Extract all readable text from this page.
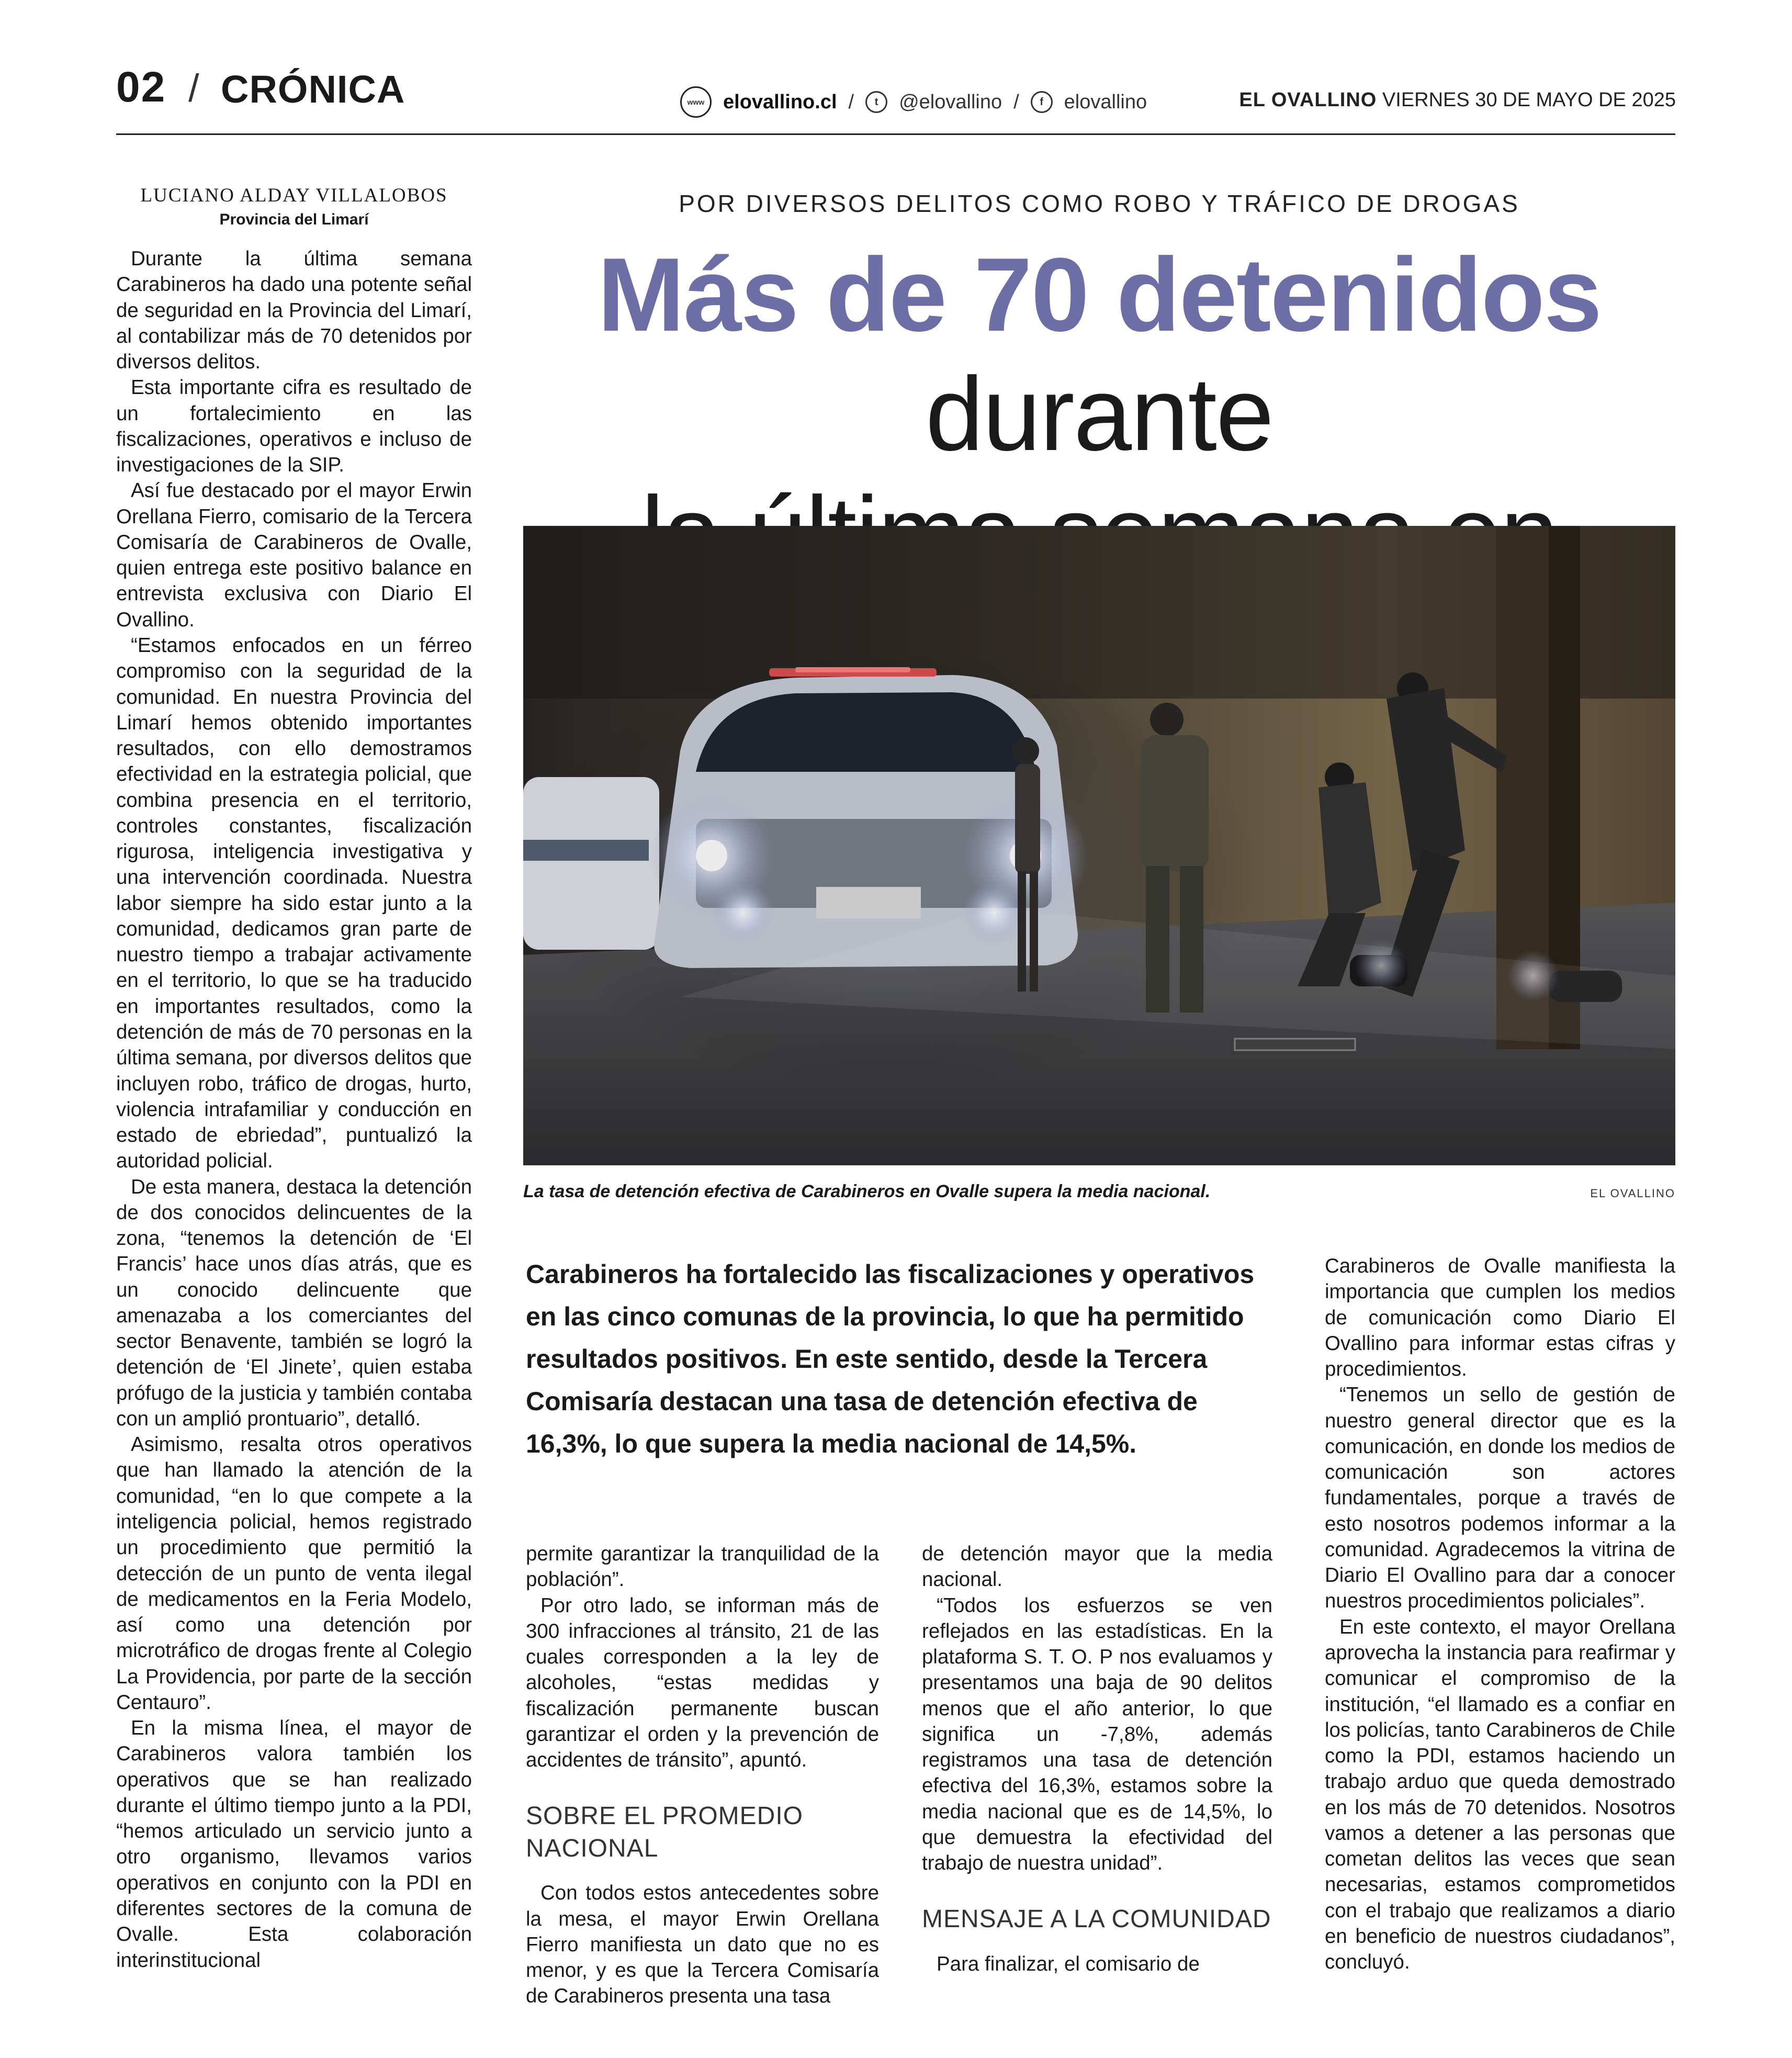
02 / CRÓNICA	www elovallino.cl /	t	@elovallino /	f	elovallino	EL OVALLINO VIERNES 30 DE MAYO DE 2025
LUCIANO ALDAY VILLALOBOS
Provincia del Limarí

Durante la última semana Carabineros ha dado una potente señal de seguridad en la Provincia del Limarí, al contabilizar más de 70 detenidos por diversos delitos.

Esta importante cifra es resultado de un fortalecimiento en las fiscalizaciones, operativos e incluso de investigaciones de la SIP.

Así fue destacado por el mayor Erwin Orellana Fierro, comisario de la Tercera Comisaría de Carabineros de Ovalle, quien entrega este positivo balance en entrevista exclusiva con Diario El Ovallino.

“Estamos enfocados en un férreo compromiso con la seguridad de la comunidad. En nuestra Provincia del Limarí hemos obtenido importantes resultados, con ello demostramos efectividad en la estrategia policial, que combina presencia en el territorio, controles constantes, fiscalización rigurosa, inteligencia investigativa y una intervención coordinada. Nuestra labor siempre ha sido estar junto a la comunidad, dedicamos gran parte de nuestro tiempo a trabajar activamente en el territorio, lo que se ha traducido en importantes resultados, como la detención de más de 70 personas en la última semana, por diversos delitos que incluyen robo, tráfico de drogas, hurto, violencia intrafamiliar y conducción en estado de ebriedad”, puntualizó la autoridad policial.

De esta manera, destaca la detención de dos conocidos delincuentes de la zona, “tenemos la detención de ‘El Francis’ hace unos días atrás, que es un conocido delincuente que amenazaba a los comerciantes del sector Benavente, también se logró la detención de ‘El Jinete’, quien estaba prófugo de la justicia y también contaba con un amplió prontuario”, detalló.

Asimismo, resalta otros operativos que han llamado la atención de la comunidad, “en lo que compete a la inteligencia policial, hemos registrado un procedimiento que permitió la detección de un punto de venta ilegal de medicamentos en la Feria Modelo, así como una detención por microtráfico de drogas frente al Colegio La Providencia, por parte de la sección Centauro”.

En la misma línea, el mayor de Carabineros valora también los operativos que se han realizado durante el último tiempo junto a la PDI, “hemos articulado un servicio junto a otro organismo, llevamos varios operativos en conjunto con la PDI en diferentes sectores de la comuna de Ovalle. Esta colaboración interinstitucional

POR DIVERSOS DELITOS COMO ROBO Y TRÁFICO DE DROGAS
Más de 70 detenidos durante

La tasa de detención efectiva de Carabineros en Ovalle supera la media nacional.	EL OVALLINO
Carabineros ha fortalecido las fiscalizaciones y operativos en las cinco comunas de la provincia, lo que ha permitido resultados positivos. En este sentido, desde la Tercera Comisaría destacan una tasa de detención efectiva de 16,3%, lo que supera la media nacional de 14,5%.

permite garantizar la tranquilidad de la población”.

Por otro lado, se informan más de 300 infracciones al tránsito, 21 de las cuales corresponden a la ley de alcoholes, “estas medidas y fiscalización permanente buscan garantizar el orden y la prevención de accidentes de tránsito”, apuntó.

SOBRE EL PROMEDIO NACIONAL

Con todos estos antecedentes sobre la mesa, el mayor Erwin Orellana Fierro manifiesta un dato que no es menor, y es que la Tercera Comisaría de Carabineros presenta una tasa

de detención mayor que la media nacional.

“Todos los esfuerzos se ven reflejados en las estadísticas. En la plataforma S. T. O. P nos evaluamos y presentamos una baja de 90 delitos menos que el año anterior, lo que significa un -7,8%, además registramos una tasa de detención efectiva del 16,3%, estamos sobre la media nacional que es de 14,5%, lo que demuestra la efectividad del trabajo de nuestra unidad”.

MENSAJE A LA COMUNIDAD

Para finalizar, el comisario de

Carabineros de Ovalle manifiesta la importancia que cumplen los medios de comunicación como Diario El Ovallino para informar estas cifras y procedimientos.

“Tenemos un sello de gestión de nuestro general director que es la comunicación, en donde los medios de comunicación son actores fundamentales, porque a través de esto nosotros podemos informar a la comunidad. Agradecemos la vitrina de Diario El Ovallino para dar a conocer nuestros procedimientos policiales”.

En este contexto, el mayor Orellana aprovecha la instancia para reafirmar y comunicar el compromiso de la institución, “el llamado es a confiar en los policías, tanto Carabineros de Chile como la PDI, estamos haciendo un trabajo arduo que queda demostrado en los más de 70 detenidos. Nosotros vamos a detener a las personas que cometan delitos las veces que sean necesarias, estamos comprometidos con el trabajo que realizamos a diario en beneficio de nuestros ciudadanos”, concluyó.
